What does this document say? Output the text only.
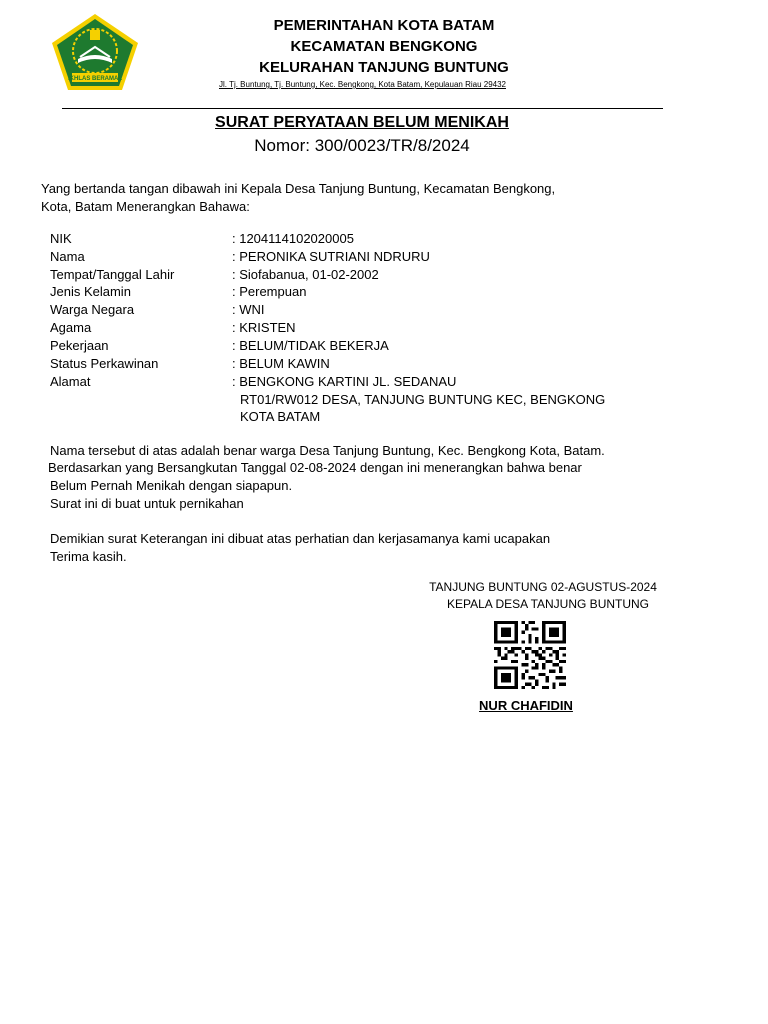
IKHLAS BERAMAL
PEMERINTAHAN KOTA BATAM
KECAMATAN BENGKONG
KELURAHAN TANJUNG BUNTUNG
Jl. Tj. Buntung, Tj. Buntung, Kec. Bengkong, Kota Batam, Kepulauan Riau 29432
SURAT PERYATAAN BELUM MENIKAH
Nomor: 300/0023/TR/8/2024
Yang bertanda tangan dibawah ini Kepala Desa Tanjung Buntung, Kecamatan Bengkong,
Kota, Batam Menerangkan Bahawa:
NIK	: 1204114102020005
Nama	: PERONIKA SUTRIANI NDRURU
Tempat/Tanggal Lahir	: Siofabanua, 01-02-2002
Jenis Kelamin	: Perempuan
Warga Negara	: WNI
Agama	: KRISTEN
Pekerjaan	: BELUM/TIDAK BEKERJA
Status Perkawinan	: BELUM KAWIN
Alamat	: BENGKONG KARTINI JL. SEDANAU
RT01/RW012 DESA, TANJUNG BUNTUNG KEC, BENGKONG
KOTA BATAM
Nama tersebut di atas adalah benar warga Desa Tanjung Buntung, Kec. Bengkong Kota, Batam.
Berdasarkan yang Bersangkutan Tanggal 02-08-2024 dengan ini menerangkan bahwa benar
Belum Pernah Menikah dengan siapapun.
Surat ini di buat untuk pernikahan
Demikian surat Keterangan ini dibuat atas perhatian dan kerjasamanya kami ucapakan
Terima kasih.
TANJUNG BUNTUNG 02-AGUSTUS-2024
KEPALA DESA TANJUNG BUNTUNG
NUR CHAFIDIN
